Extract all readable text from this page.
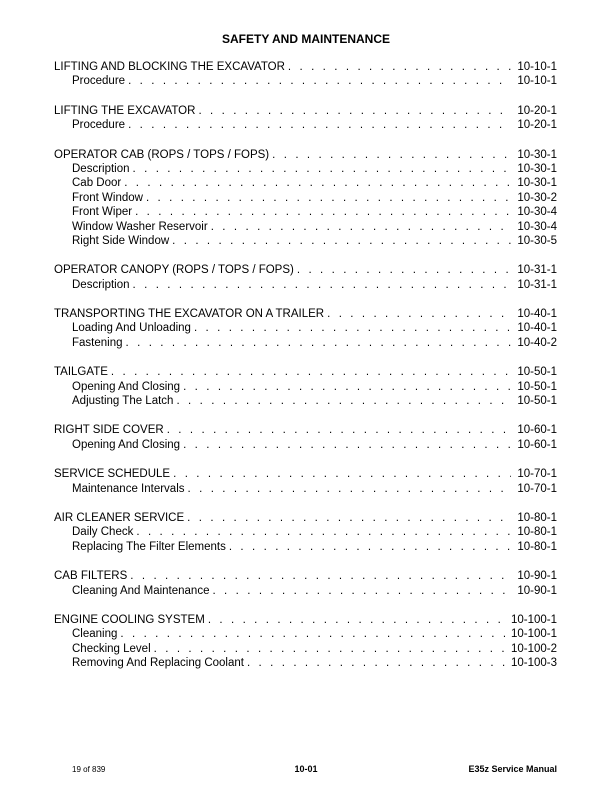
SAFETY AND MAINTENANCE
LIFTING AND BLOCKING THE EXCAVATOR . . .	10-10-1
Procedure . . .	10-10-1
LIFTING THE EXCAVATOR . . .	10-20-1
Procedure . . .	10-20-1
OPERATOR CAB (ROPS / TOPS / FOPS) . . .	10-30-1
Description . . .	10-30-1
Cab Door . . .	10-30-1
Front Window . . .	10-30-2
Front Wiper . . .	10-30-4
Window Washer Reservoir . . .	10-30-4
Right Side Window . . .	10-30-5
OPERATOR CANOPY (ROPS / TOPS / FOPS) . . .	10-31-1
Description . . .	10-31-1
TRANSPORTING THE EXCAVATOR ON A TRAILER . . .	10-40-1
Loading And Unloading . . .	10-40-1
Fastening . . .	10-40-2
TAILGATE . . .	10-50-1
Opening And Closing . . .	10-50-1
Adjusting The Latch . . .	10-50-1
RIGHT SIDE COVER . . .	10-60-1
Opening And Closing . . .	10-60-1
SERVICE SCHEDULE . . .	10-70-1
Maintenance Intervals . . .	10-70-1
AIR CLEANER SERVICE . . .	10-80-1
Daily Check . . .	10-80-1
Replacing The Filter Elements . . .	10-80-1
CAB FILTERS . . .	10-90-1
Cleaning And Maintenance . . .	10-90-1
ENGINE COOLING SYSTEM . . .	10-100-1
Cleaning . . .	10-100-1
Checking Level . . .	10-100-2
Removing And Replacing Coolant . . .	10-100-3
19 of 839	10-01	E35z Service Manual
